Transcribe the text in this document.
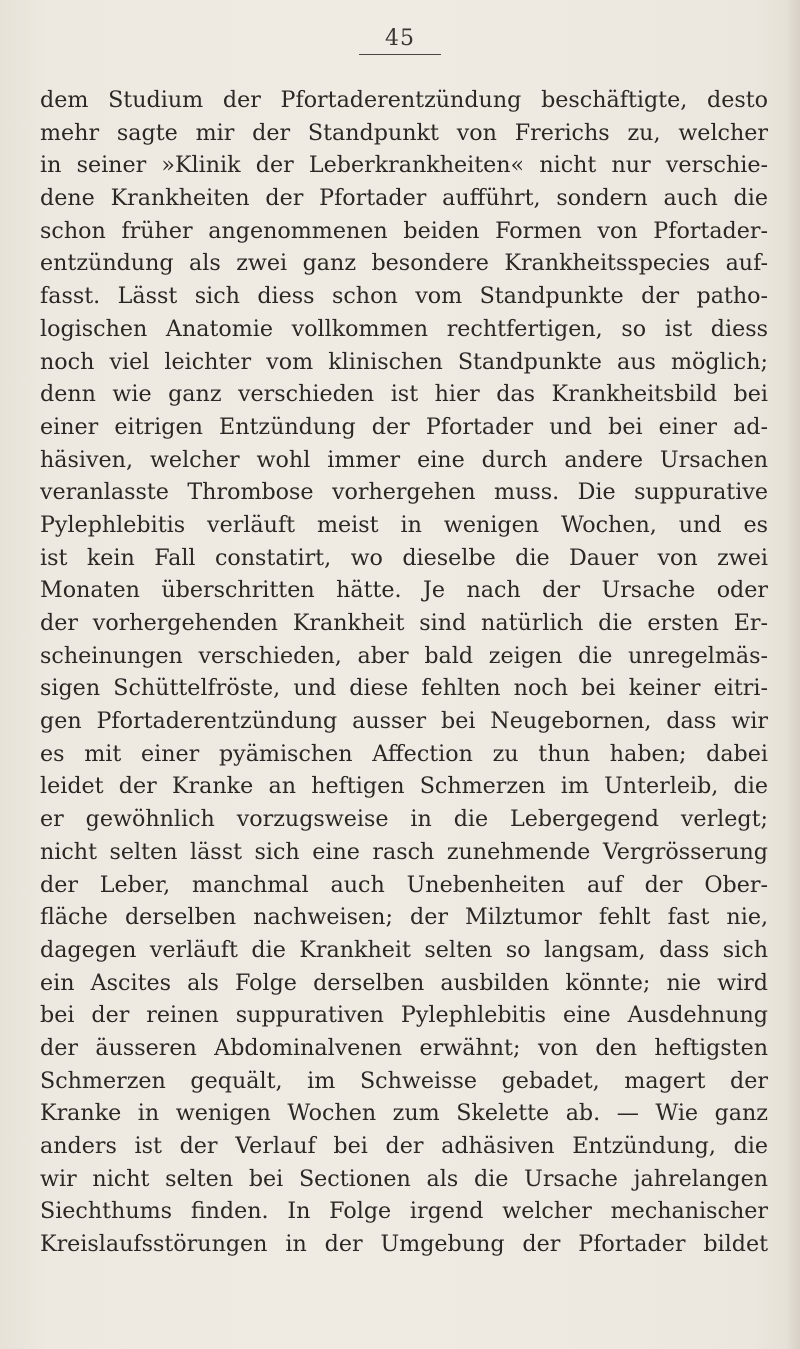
45
dem Studium der Pfortaderentzündung beschäftigte, desto
mehr sagte mir der Standpunkt von Frerichs zu, welcher
in seiner »Klinik der Leberkrankheiten« nicht nur verschie-
dene Krankheiten der Pfortader aufführt, sondern auch die
schon früher angenommenen beiden Formen von Pfortader-
entzündung als zwei ganz besondere Krankheitsspecies auf-
fasst. Lässt sich diess schon vom Standpunkte der patho-
logischen Anatomie vollkommen rechtfertigen, so ist diess
noch viel leichter vom klinischen Standpunkte aus möglich;
denn wie ganz verschieden ist hier das Krankheitsbild bei
einer eitrigen Entzündung der Pfortader und bei einer ad-
häsiven, welcher wohl immer eine durch andere Ursachen
veranlasste Thrombose vorhergehen muss. Die suppurative
Pylephlebitis verläuft meist in wenigen Wochen, und es
ist kein Fall constatirt, wo dieselbe die Dauer von zwei
Monaten überschritten hätte. Je nach der Ursache oder
der vorhergehenden Krankheit sind natürlich die ersten Er-
scheinungen verschieden, aber bald zeigen die unregelmäs-
sigen Schüttelfröste, und diese fehlten noch bei keiner eitri-
gen Pfortaderentzündung ausser bei Neugebornen, dass wir
es mit einer pyämischen Affection zu thun haben; dabei
leidet der Kranke an heftigen Schmerzen im Unterleib, die
er gewöhnlich vorzugsweise in die Lebergegend verlegt;
nicht selten lässt sich eine rasch zunehmende Vergrösserung
der Leber, manchmal auch Unebenheiten auf der Ober-
fläche derselben nachweisen; der Milztumor fehlt fast nie,
dagegen verläuft die Krankheit selten so langsam, dass sich
ein Ascites als Folge derselben ausbilden könnte; nie wird
bei der reinen suppurativen Pylephlebitis eine Ausdehnung
der äusseren Abdominalvenen erwähnt; von den heftigsten
Schmerzen gequält, im Schweisse gebadet, magert der
Kranke in wenigen Wochen zum Skelette ab. — Wie ganz
anders ist der Verlauf bei der adhäsiven Entzündung, die
wir nicht selten bei Sectionen als die Ursache jahrelangen
Siechthums finden. In Folge irgend welcher mechanischer
Kreislaufsstörungen in der Umgebung der Pfortader bildet
